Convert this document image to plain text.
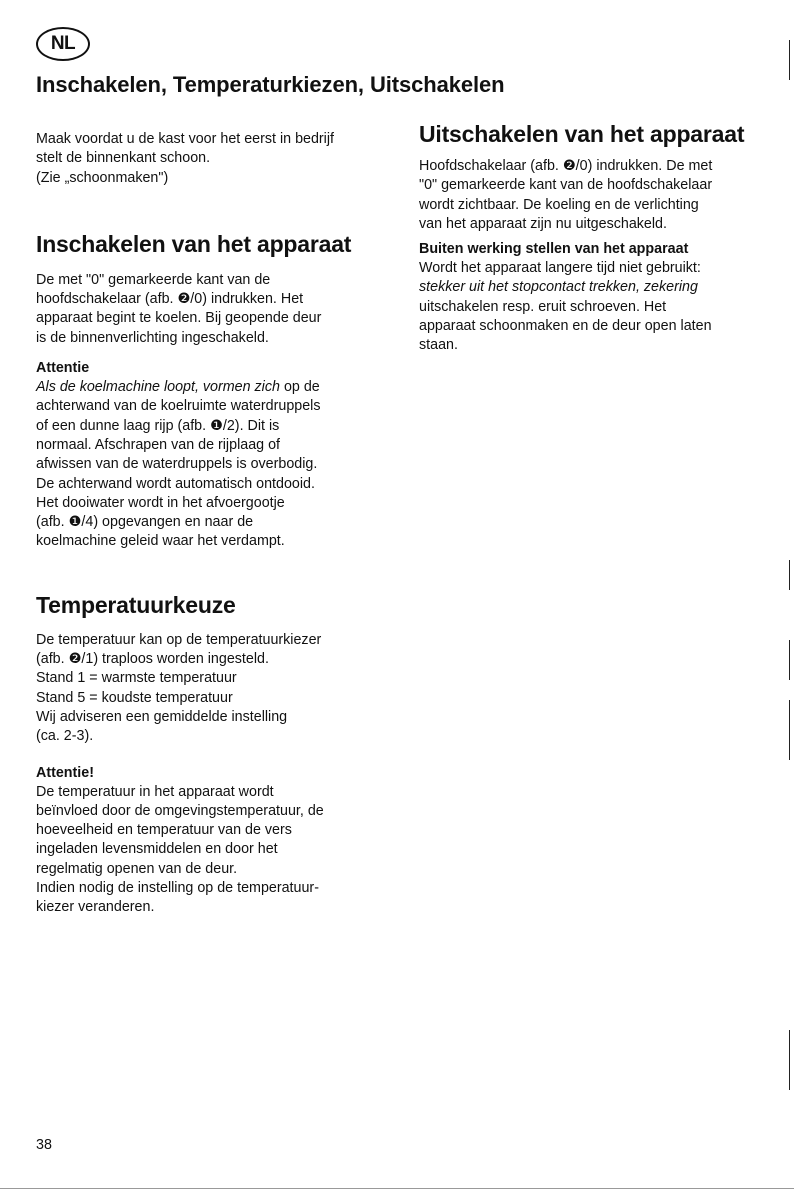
NL
Inschakelen, Temperaturkiezen, Uitschakelen

Maak voordat u de kast voor het eerst in bedrijf

stelt de binnenkant schoon.

(Zie „schoonmaken")

Inschakelen van het apparaat

De met "0" gemarkeerde kant van de

hoofdschakelaar (afb. ❷/0) indrukken. Het

apparaat begint te koelen. Bij geopende deur

is de binnenverlichting ingeschakeld.

Attentie

Als de koelmachine loopt, vormen zich op de

achterwand van de koelruimte waterdruppels

of een dunne laag rijp (afb. ❶/2). Dit is

normaal. Afschrapen van de rijplaag of

afwissen van de waterdruppels is overbodig.

De achterwand wordt automatisch ontdooid.

Het dooiwater wordt in het afvoergootje

(afb. ❶/4) opgevangen en naar de

koelmachine geleid waar het verdampt.

Temperatuurkeuze

De temperatuur kan op de temperatuurkiezer

(afb. ❷/1) traploos worden ingesteld.

Stand 1 = warmste temperatuur

Stand 5 = koudste temperatuur

Wij adviseren een gemiddelde instelling

(ca. 2-3).

Attentie!

De temperatuur in het apparaat wordt

beïnvloed door de omgevingstemperatuur, de

hoeveelheid en temperatuur van de vers

ingeladen levensmiddelen en door het

regelmatig openen van de deur.

Indien nodig de instelling op de temperatuur-

kiezer veranderen.

Uitschakelen van het apparaat

Hoofdschakelaar (afb. ❷/0) indrukken. De met

"0" gemarkeerde kant van de hoofdschakelaar

wordt zichtbaar. De koeling en de verlichting

van het apparaat zijn nu uitgeschakeld.

Buiten werking stellen van het apparaat

Wordt het apparaat langere tijd niet gebruikt:

stekker uit het stopcontact trekken, zekering

uitschakelen resp. eruit schroeven. Het

apparaat schoonmaken en de deur open laten

staan.

38
